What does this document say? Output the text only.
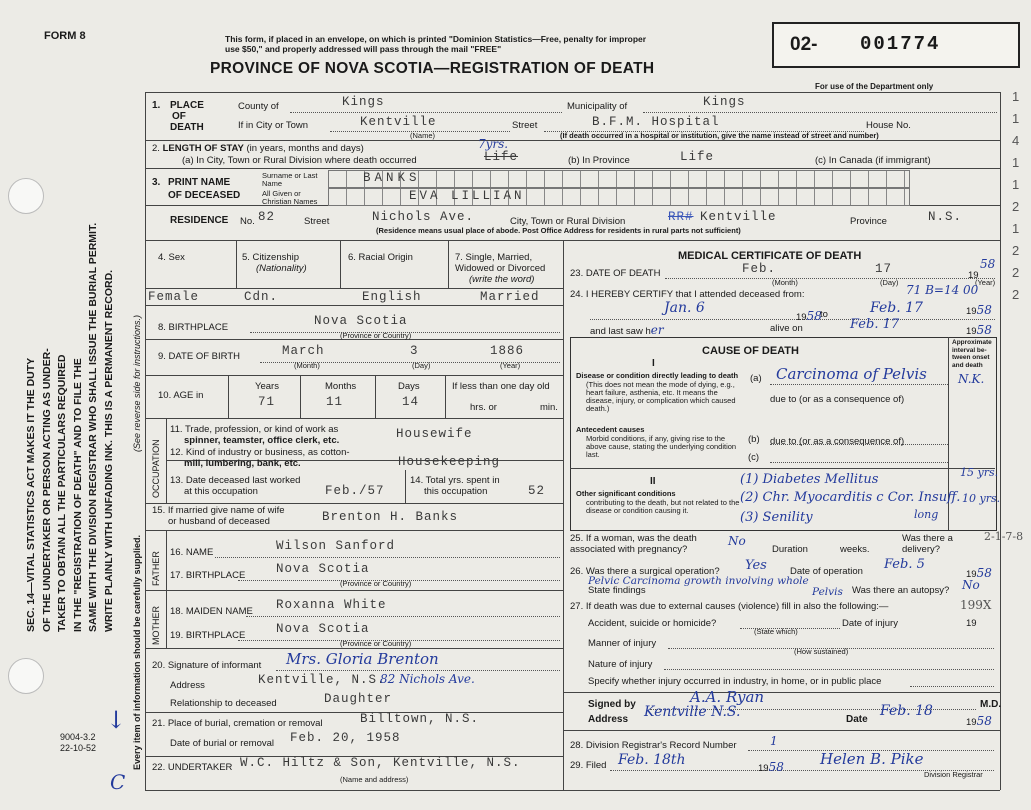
FORM 8	This form, if placed in an envelope, on which is printed "Dominion Statistics—Free, penalty for improper
use $50," and properly addressed will pass through the mail "FREE"
PROVINCE OF NOVA SCOTIA—REGISTRATION OF DEATH
02- 001774
For use of the Department only
SEC. 14—VITAL STATISTICS ACT MAKES IT THE DUTY OF THE UNDERTAKER OR PERSON ACTING AS UNDER- TAKER TO OBTAIN ALL THE PARTICULARS REQUIRED IN THE "REGISTRATION OF DEATH" AND TO FILE THE SAME WITH THE DIVISION REGISTRAR WHO SHALL ISSUE THE BURIAL PERMIT. WRITE PLAINLY WITH UNFADING INK. THIS IS A PERMANENT RECORD.
Every item of information should be carefully supplied.
(See reverse side for instructions.)
9004-3.2
22-10-52
C
1
1
4
1
1
2
1
2
2
2
1. PLACE
OF
DEATH
County of	Kings	Municipality of	Kings
If in City or Town	Kentville
(Name)
Street	B.F.M. Hospital	House No.
(If death occurred in a hospital or institution, give the name instead of street and number)
2. LENGTH OF STAY (in years, months and days)
(a) In City, Town or Rural Division where death occurred	Life
7yrs.
(b) In Province	Life	(c) In Canada (if immigrant)
3. PRINT NAME
OF DECEASED
Surname or Last Name	BANKS
All Given or Christian Names	EVA LILLIAN
RESIDENCE No. 82	Street	Nichols Ave.	City, Town or Rural Division	RR# Kentville	Province	N.S.
(Residence means usual place of abode. Post Office Address for residents in rural parts not sufficient)
4. Sex
Female
5. Citizenship
(Nationality)
Cdn.
6. Racial Origin
English
7. Single, Married,
Widowed or Divorced
(write the word)
Married
8. BIRTHPLACE	Nova Scotia
(Province or Country)
9. DATE OF BIRTH	March	3	1886
(Month)	(Day)	(Year)
10. AGE in
Years	Months	Days
71	11	14
If less than one day old
hrs. or	min.
OCCUPATION
11. Trade, profession, or kind of work as
spinner, teamster, office clerk, etc.	Housewife
12. Kind of industry or business, as cotton-
mill, lumbering, bank, etc.	Housekeeping
13. Date deceased last worked
at this occupation	Feb./57
14. Total yrs. spent in
this occupation	52
15. If married give name of wife
or husband of deceased	Brenton H. Banks
FATHER 16. NAME	Wilson Sanford
17. BIRTHPLACE Nova Scotia
(Province or Country)
MOTHER 18. MAIDEN NAME Roxanna White
19. BIRTHPLACE Nova Scotia
(Province or Country)
20. Signature of informant Mrs. Gloria Brenton
Address	Kentville, N.S.
82 Nichols Ave.
Relationship to deceased	Daughter
21. Place of burial, cremation or removal	Billtown, N.S.
Date of burial or removal Feb. 20, 1958
22. UNDERTAKER W.C. Hiltz & Son, Kentville, N.S.
(Name and address)
MEDICAL CERTIFICATE OF DEATH
23. DATE OF DEATH	Feb.	17	19
58
(Month)	(Day)	(Year)
24. I HEREBY CERTIFY that I attended deceased from:	71 B=14 00
Jan. 6
1958
to	Feb. 17	1958
and last saw her	alive on	Feb. 17	1958
CAUSE OF DEATH
Approximate interval be- tween onset and death
I
Disease or condition directly leading to death
(This does not mean the mode of dying, e.g., heart failure, asthenia, etc. It means the disease, injury, or complication which caused death.)
(a) Carcinoma of Pelvis	N.K.
due to (or as a consequence of)
Antecedent causes
Morbid conditions, if any, giving rise to the above cause, stating the underlying condition last.
(b) due to (or as a consequence of)
(c)
II
Other significant conditions
contributing to the death, but not related to the disease or condition causing it.
(1) Diabetes Mellitus	15 yrs.
(2) Chr. Myocarditis c Cor. Insuff. 10 yrs.
(3) Senility	long
25. If a woman, was the death associated with pregnancy?
No
Duration	weeks.
Was there a delivery?
2-1-7-8
26. Was there a surgical operation? Yes Date of operation Feb. 5
1958
State findings
Pelvic Carcinoma growth involving whole
Pelvis Was there an autopsy? No
27. If death was due to external causes (violence) fill in also the following:—	199X
Accident, suicide or homicide?	Date of injury	19
(State which)
Manner of injury
(How sustained)
Nature of injury
Specify whether injury occurred in industry, in home, or in public place
Signed by	A.A. Ryan	M.D.
Address Kentville N.S.	Date
Feb. 18
1958
28. Division Registrar's Record Number	1
29. Filed Feb. 18th
1958 Helen B. Pike
Division Registrar
↓
